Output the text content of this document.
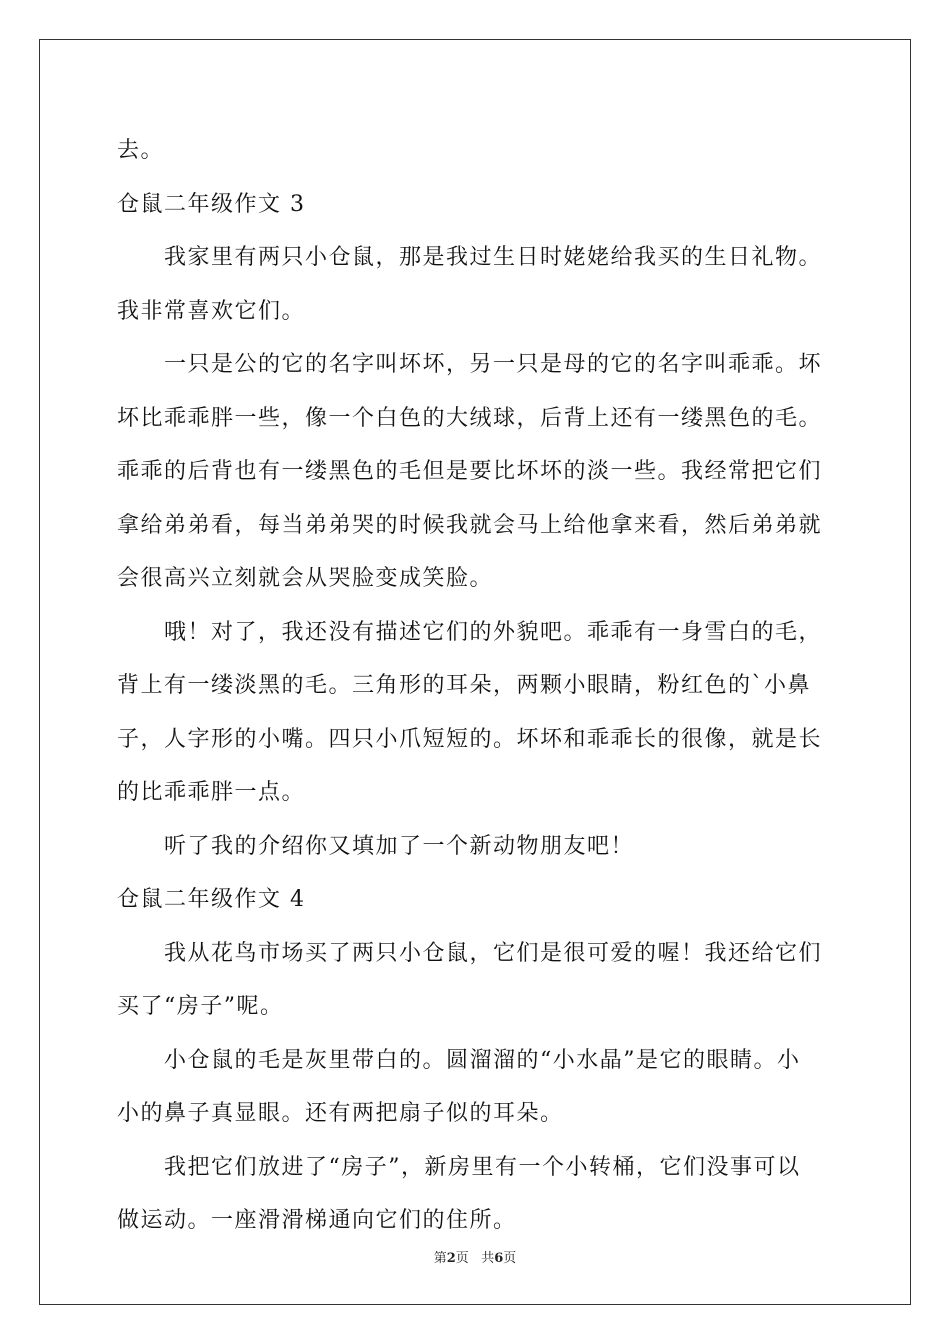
去。
仓鼠二年级作文 3
我家里有两只小仓鼠，那是我过生日时姥姥给我买的生日礼物。
我非常喜欢它们。
一只是公的它的名字叫坏坏，另一只是母的它的名字叫乖乖。坏
坏比乖乖胖一些，像一个白色的大绒球，后背上还有一缕黑色的毛。
乖乖的后背也有一缕黑色的毛但是要比坏坏的淡一些。我经常把它们
拿给弟弟看，每当弟弟哭的时候我就会马上给他拿来看，然后弟弟就
会很高兴立刻就会从哭脸变成笑脸。
哦！对了，我还没有描述它们的外貌吧。乖乖有一身雪白的毛，
背上有一缕淡黑的毛。三角形的耳朵，两颗小眼睛，粉红色的`小鼻
子，人字形的小嘴。四只小爪短短的。坏坏和乖乖长的很像，就是长
的比乖乖胖一点。
听了我的介绍你又填加了一个新动物朋友吧！
仓鼠二年级作文 4
我从花鸟市场买了两只小仓鼠，它们是很可爱的喔！我还给它们
买了“房子”呢。
小仓鼠的毛是灰里带白的。圆溜溜的“小水晶”是它的眼睛。小
小的鼻子真显眼。还有两把扇子似的耳朵。
我把它们放进了“房子”，新房里有一个小转桶，它们没事可以
做运动。一座滑滑梯通向它们的住所。
第2页 共6页
